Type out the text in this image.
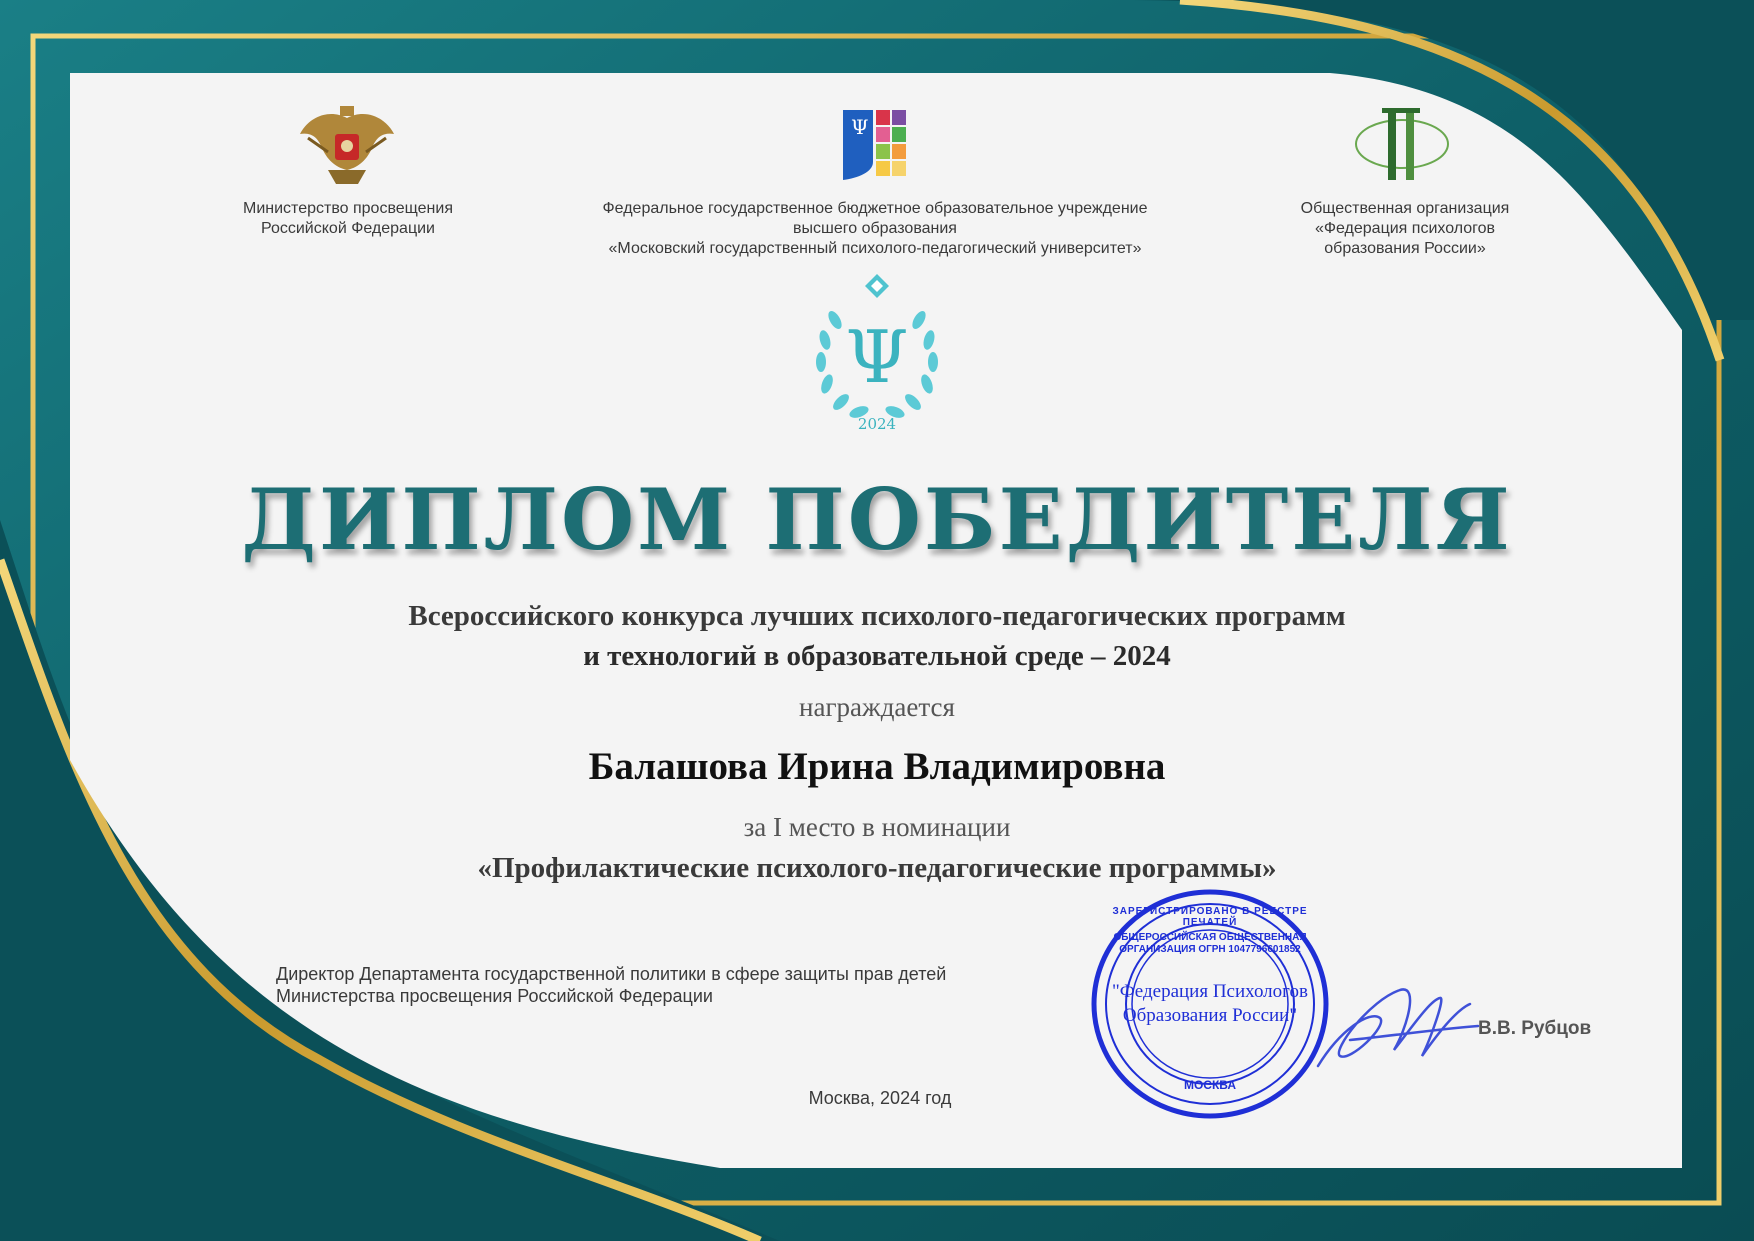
Министерство просвещения
Российской Федерации
Ψ
Федеральное государственное бюджетное образовательное учреждение
высшего образования
«Московский государственный психолого-педагогический университет»
Общественная организация
«Федерация психологов
образования России»
Ψ
2024
ДИПЛОМ ПОБЕДИТЕЛЯ
Всероссийского конкурса лучших психолого-педагогических программ
и технологий в образовательной среде – 2024
награждается
Балашова Ирина Владимировна
за I место в номинации
«Профилактические психолого-педагогические программы»
Директор Департамента государственной политики в сфере защиты прав детей
Министерства просвещения Российской Федерации
В.В. Рубцов
Москва, 2024 год
"Федерация Психологов
Образования России"
ЗАРЕГИСТРИРОВАНО В РЕЕСТРЕ ПЕЧАТЕЙ
ОБЩЕРОССИЙСКАЯ ОБЩЕСТВЕННАЯ ОРГАНИЗАЦИЯ ОГРН 1047796601852
МОСКВА
